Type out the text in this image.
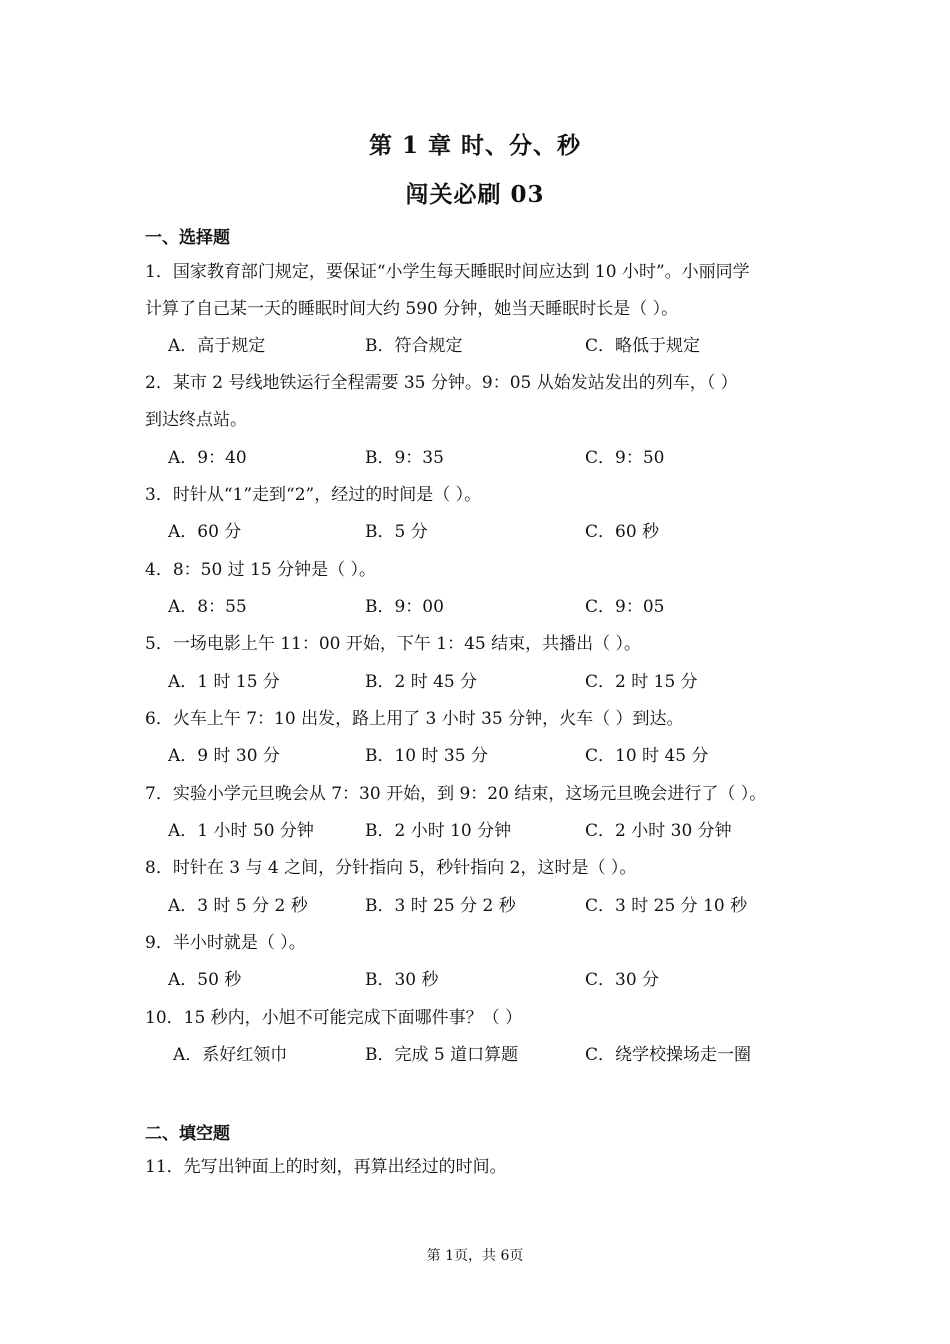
第 1 章 时、分、秒
闯关必刷 03
一、选择题
1．国家教育部门规定，要保证“小学生每天睡眠时间应达到 10 小时”。小丽同学
计算了自己某一天的睡眠时间大约 590 分钟，她当天睡眠时长是（ ）。
A．高于规定	B．符合规定	C．略低于规定
2．某市 2 号线地铁运行全程需要 35 分钟。9：05 从始发站发出的列车，（ ）
到达终点站。
A．9：40	B．9：35	C．9：50
3．时针从“1”走到“2”，经过的时间是（ ）。
A．60 分	B．5 分	C．60 秒
4．8：50 过 15 分钟是（ ）。
A．8：55	B．9：00	C．9：05
5．一场电影上午 11：00 开始，下午 1：45 结束，共播出（ ）。
A．1 时 15 分	B．2 时 45 分	C．2 时 15 分
6．火车上午 7：10 出发，路上用了 3 小时 35 分钟，火车（ ）到达。
A．9 时 30 分	B．10 时 35 分	C．10 时 45 分
7．实验小学元旦晚会从 7：30 开始，到 9：20 结束，这场元旦晚会进行了（ ）。
A．1 小时 50 分钟	B．2 小时 10 分钟	C．2 小时 30 分钟
8．时针在 3 与 4 之间，分针指向 5，秒针指向 2，这时是（ ）。
A．3 时 5 分 2 秒	B．3 时 25 分 2 秒	C．3 时 25 分 10 秒
9．半小时就是（ ）。
A．50 秒	B．30 秒	C．30 分
10．15 秒内，小旭不可能完成下面哪件事？（ ）
A．系好红领巾	B．完成 5 道口算题	C．绕学校操场走一圈
二、填空题
11．先写出钟面上的时刻，再算出经过的时间。
第 1页，共 6页
